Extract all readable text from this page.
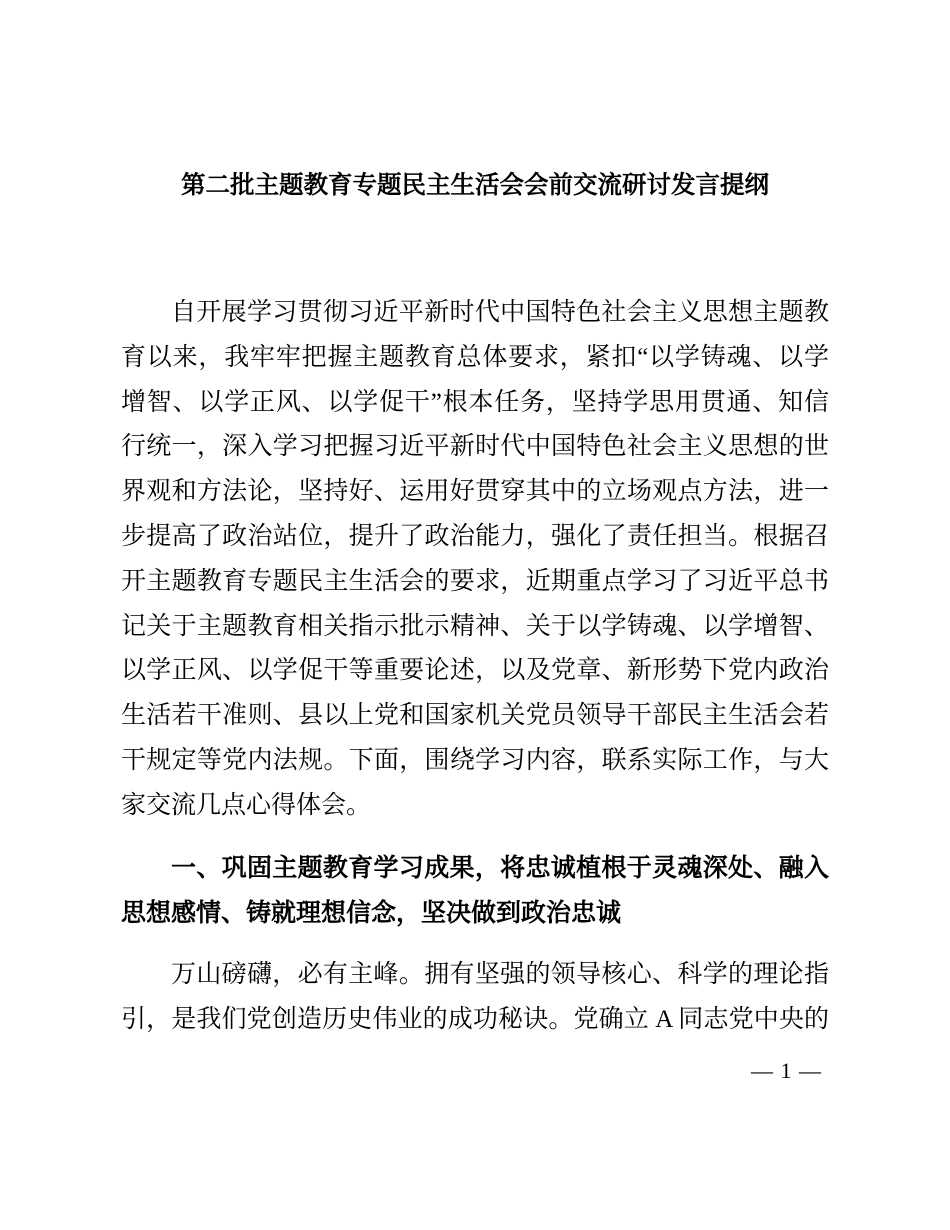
第二批主题教育专题民主生活会会前交流研讨发言提纲
自开展学习贯彻习近平新时代中国特色社会主义思想主题教
育以来，我牢牢把握主题教育总体要求，紧扣“以学铸魂、以学
增智、以学正风、以学促干”根本任务，坚持学思用贯通、知信
行统一，深入学习把握习近平新时代中国特色社会主义思想的世
界观和方法论，坚持好、运用好贯穿其中的立场观点方法，进一
步提高了政治站位，提升了政治能力，强化了责任担当。根据召
开主题教育专题民主生活会的要求，近期重点学习了习近平总书
记关于主题教育相关指示批示精神、关于以学铸魂、以学增智、
以学正风、以学促干等重要论述，以及党章、新形势下党内政治
生活若干准则、县以上党和国家机关党员领导干部民主生活会若
干规定等党内法规。下面，围绕学习内容，联系实际工作，与大
家交流几点心得体会。
一、巩固主题教育学习成果，将忠诚植根于灵魂深处、融入
思想感情、铸就理想信念，坚决做到政治忠诚
万山磅礴，必有主峰。拥有坚强的领导核心、科学的理论指
引，是我们党创造历史伟业的成功秘诀。党确立 A 同志党中央的
— 1 —
